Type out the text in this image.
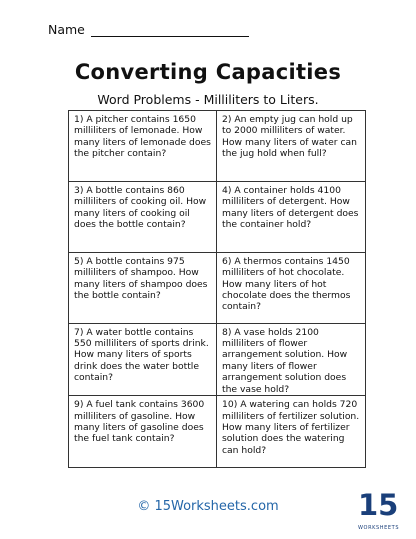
Name
Converting Capacities
Word Problems - Milliliters to Liters.
1) A pitcher contains 1650 milliliters of lemonade. How many liters of lemonade does the pitcher contain?
2) An empty jug can hold up to 2000 milliliters of water. How many liters of water can the jug hold when full?
3) A bottle contains 860 milliliters of cooking oil. How many liters of cooking oil does the bottle contain?
4) A container holds 4100 milliliters of detergent. How many liters of detergent does the container hold?
5) A bottle contains 975 milliliters of shampoo. How many liters of shampoo does the bottle contain?
6) A thermos contains 1450 milliliters of hot chocolate. How many liters of hot chocolate does the thermos contain?
7) A water bottle contains 550 milliliters of sports drink. How many liters of sports drink does the water bottle contain?
8) A vase holds 2100 milliliters of flower arrangement solution. How many liters of flower arrangement solution does the vase hold?
9) A fuel tank contains 3600 milliliters of gasoline. How many liters of gasoline does the fuel tank contain?
10) A watering can holds 720 milliliters of fertilizer solution. How many liters of fertilizer solution does the watering can hold?
© 15Worksheets.com	15
WORKSHEETS
